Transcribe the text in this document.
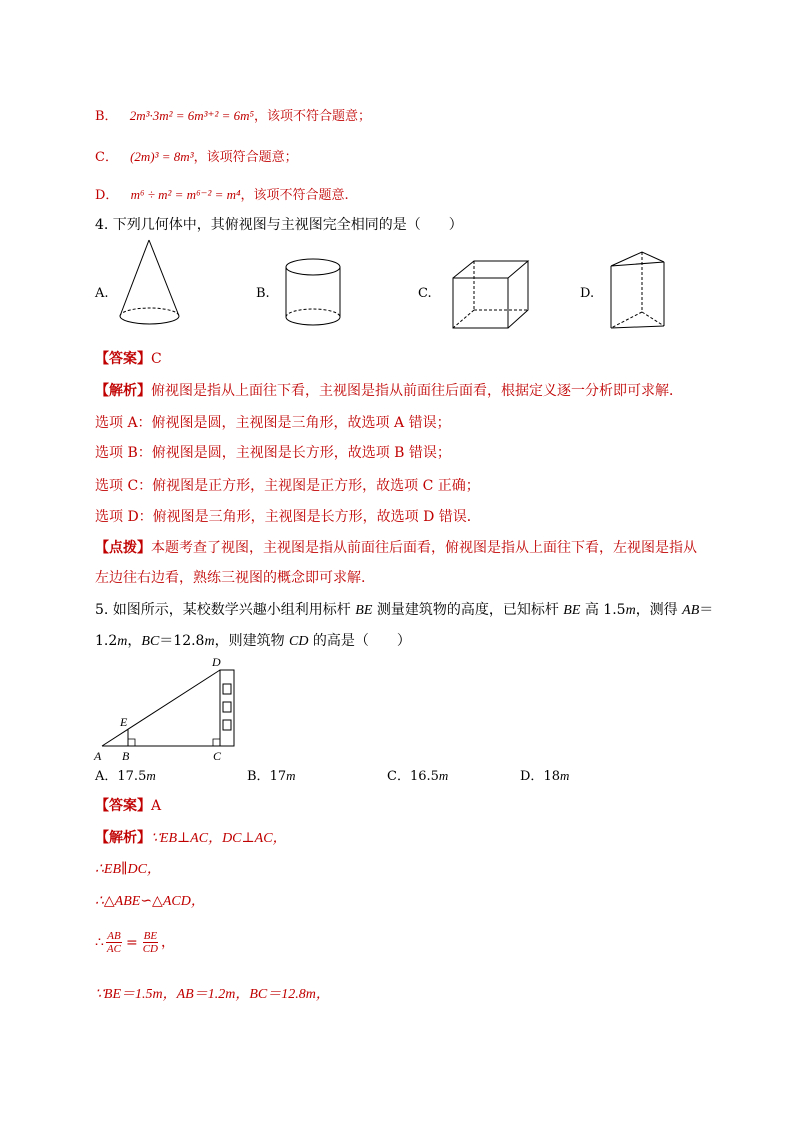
B． 2m³·3m² = 6m³⁺² = 6m⁵，该项不符合题意；
C． (2m)³ = 8m³，该项符合题意；
D． m⁶ ÷ m² = m⁶⁻² = m⁴，该项不符合题意.
4. 下列几何体中，其俯视图与主视图完全相同的是（　　）
A.	B.	C.	D.
【答案】C
【解析】俯视图是指从上面往下看，主视图是指从前面往后面看，根据定义逐一分析即可求解．
选项 A：俯视图是圆，主视图是三角形，故选项 A 错误；
选项 B：俯视图是圆，主视图是长方形，故选项 B 错误；
选项 C：俯视图是正方形，主视图是正方形，故选项 C 正确；
选项 D：俯视图是三角形，主视图是长方形，故选项 D 错误．
【点拨】本题考查了视图，主视图是指从前面往后面看，俯视图是指从上面往下看，左视图是指从
左边往右边看，熟练三视图的概念即可求解.
5. 如图所示，某校数学兴趣小组利用标杆 BE 测量建筑物的高度，已知标杆 BE 高 1.5m，测得 AB＝
1.2m，BC＝12.8m，则建筑物 CD 的高是（　　）
A B	C
D
E
A．17.5m	B．17m	C．16.5m	D．18m
【答案】A
【解析】∵EB⊥AC，DC⊥AC，
∴EB∥DC，
∴△ABE∽△ACD，
∴ $\frac{AB}{AC} = \frac{BE}{CD}$ ，
∵BE＝1.5m，AB＝1.2m，BC＝12.8m，
